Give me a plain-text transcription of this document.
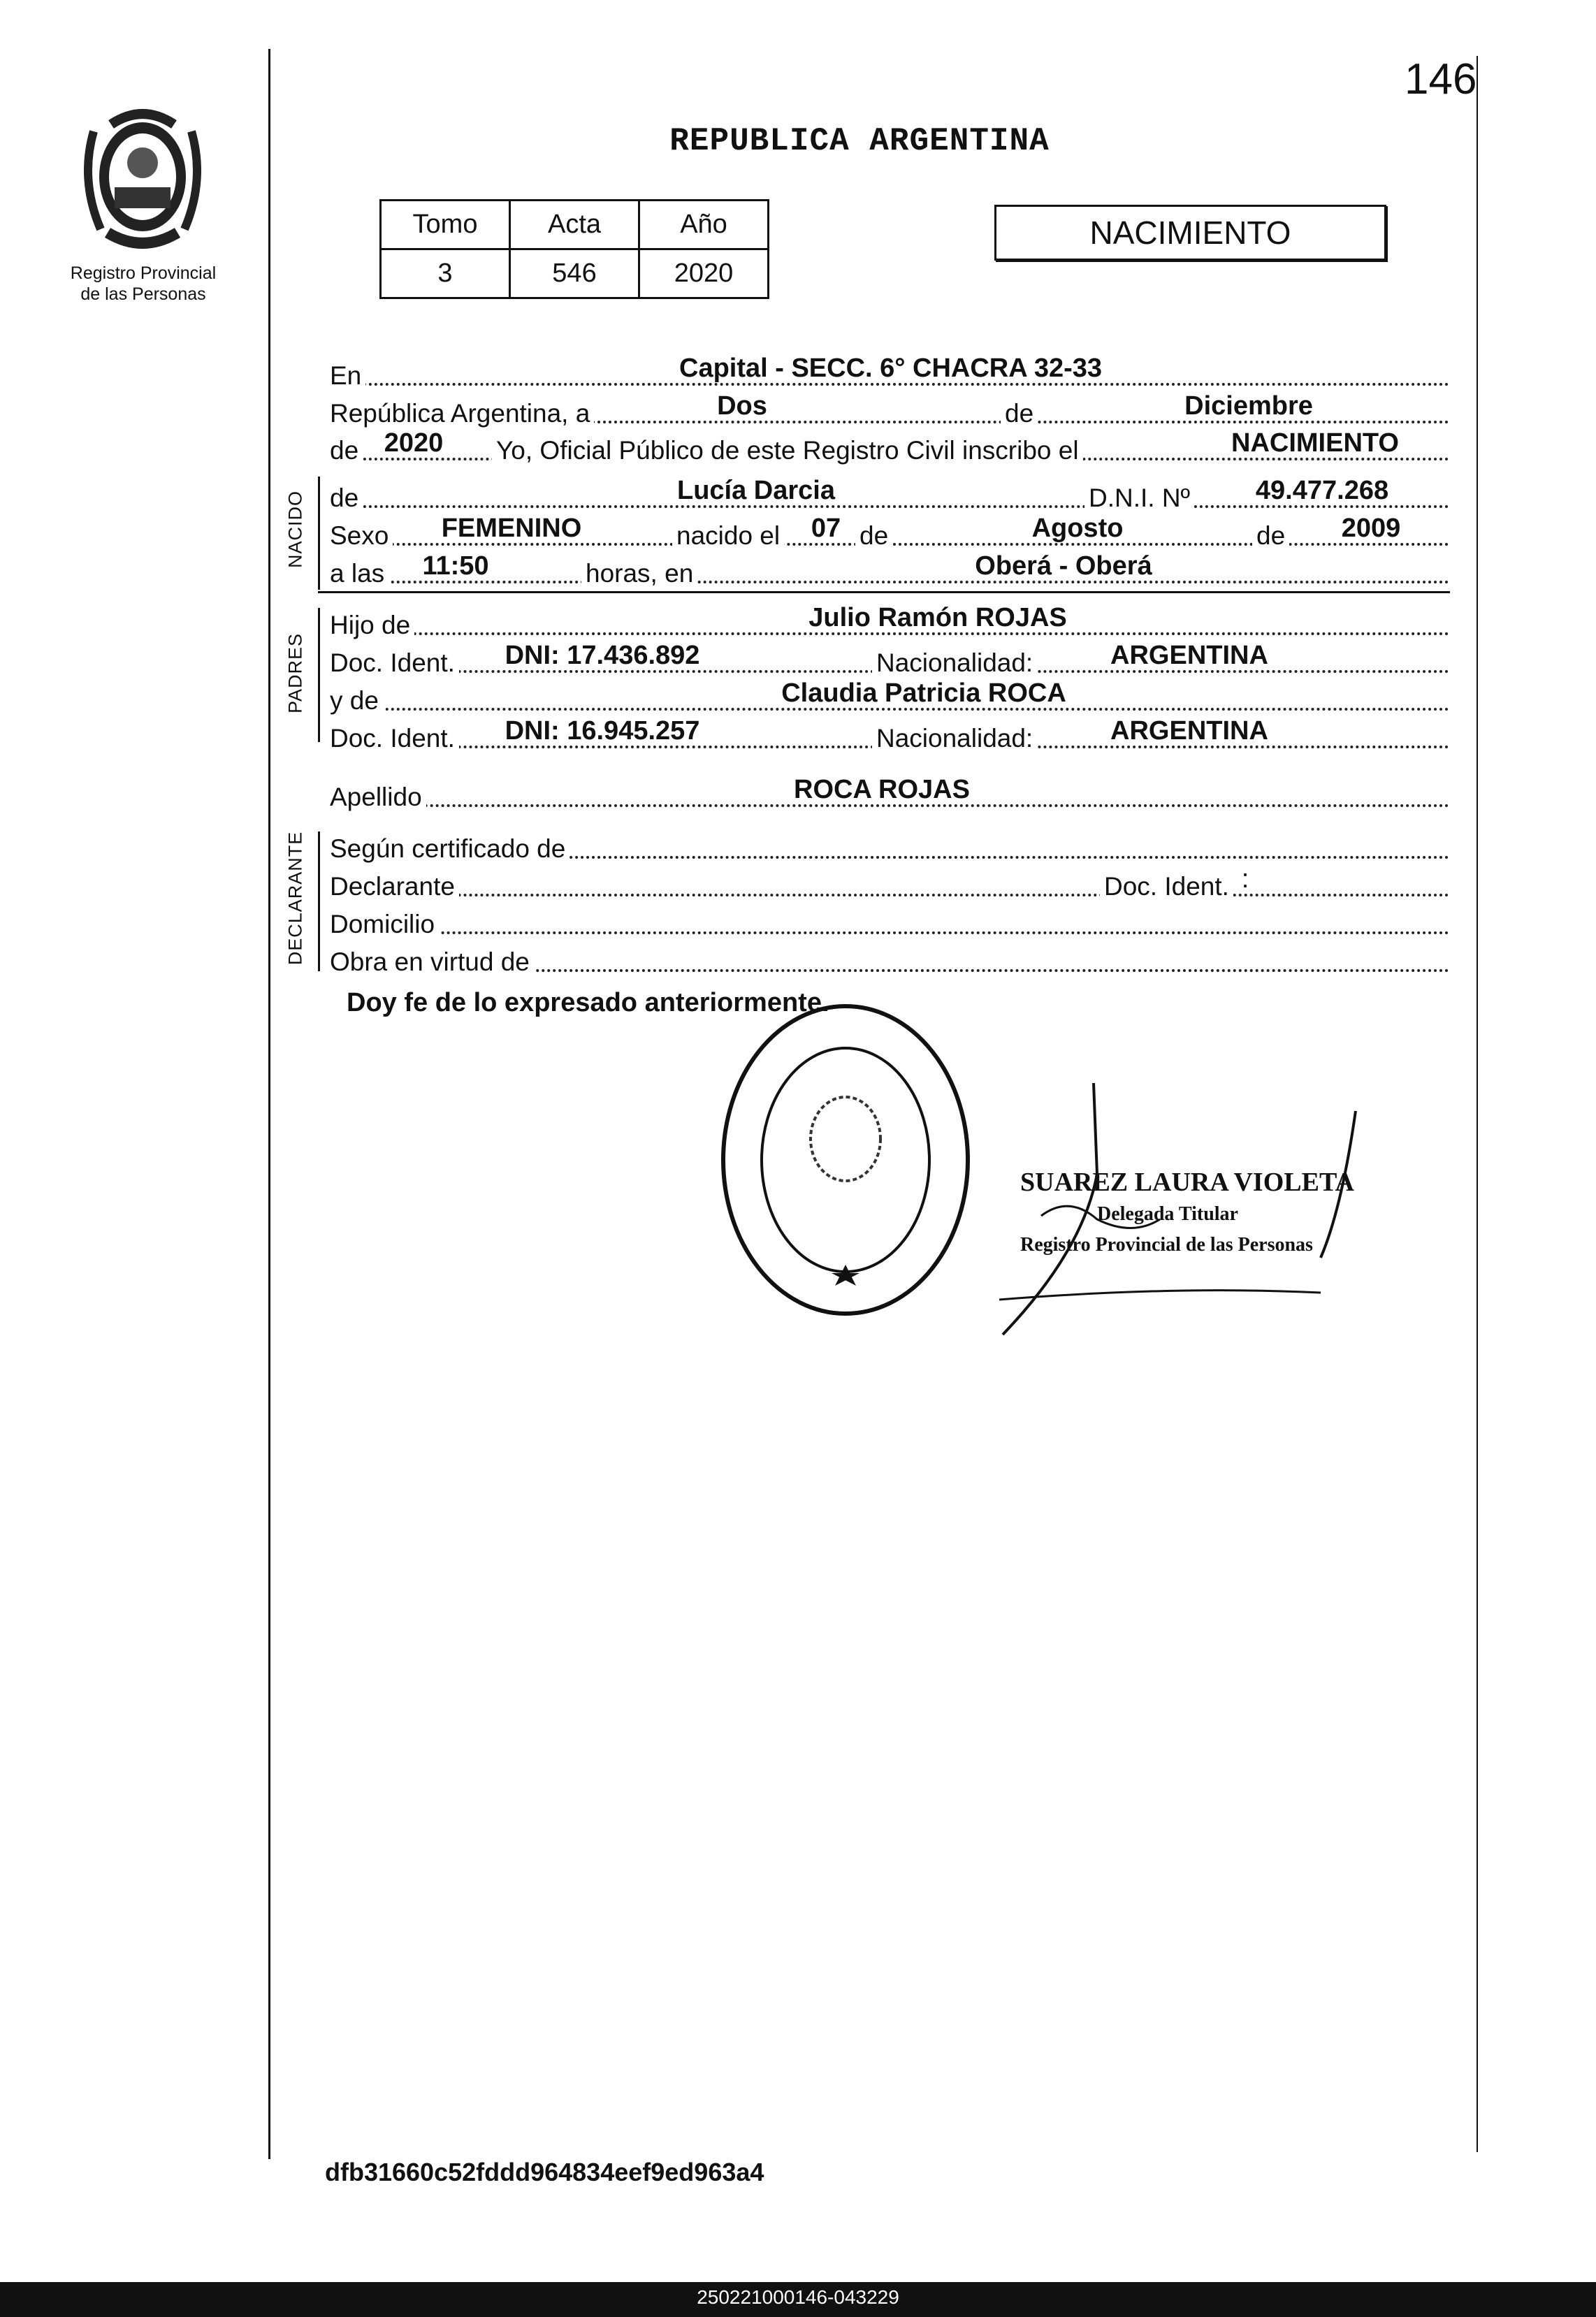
146
Registro Provincial
de las Personas
REPUBLICA ARGENTINA
Tomo	Acta	Año
3	546	2020
NACIMIENTO
En	Capital - SECC. 6° CHACRA 32-33
República Argentina, a	Dos	de	Diciembre
de 2020	Yo, Oficial Público de este Registro Civil inscribo el	NACIMIENTO
NACIDO de	Lucía Darcia	D.N.I. Nº	49.477.268
Sexo	FEMENINO	nacido el 07 de	Agosto	de	2009
a las	11:50	horas, en	Oberá - Oberá
PADRES
Hijo de	Julio Ramón ROJAS
Doc. Ident.	DNI: 17.436.892	Nacionalidad:	ARGENTINA
y de	Claudia Patricia ROCA
Doc. Ident.	DNI: 16.945.257	Nacionalidad:	ARGENTINA
Apellido	ROCA ROJAS
DECLARANTE Según certificado de
Declarante	Doc. Ident. :
Domicilio
Obra en virtud de
Doy fe de lo expresado anteriormente.
SUAREZ LAURA VIOLETA
Delegada Titular
Registro Provincial de las Personas
dfb31660c52fddd964834eef9ed963a4
250221000146-043229
